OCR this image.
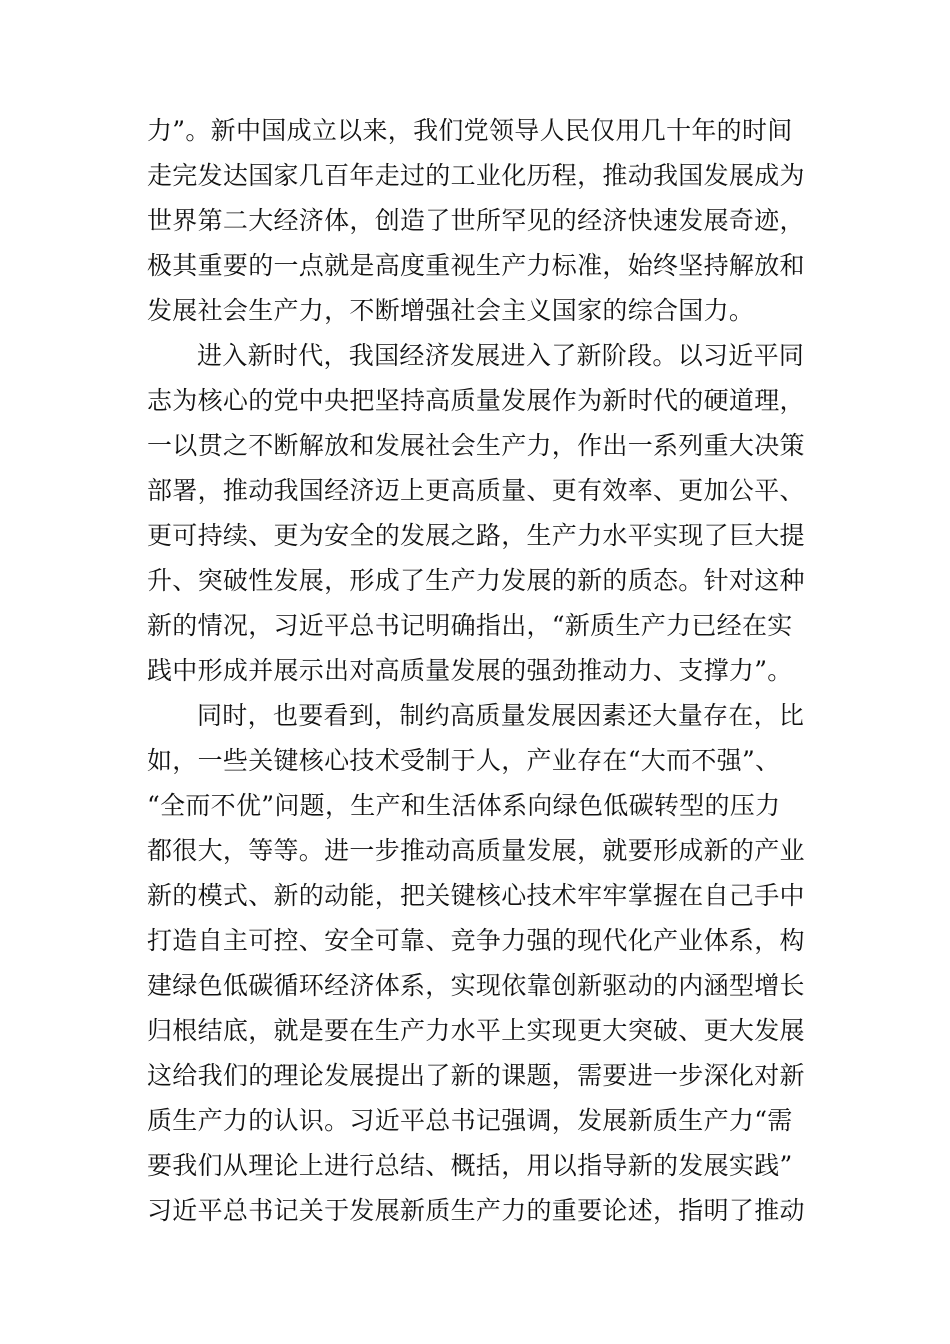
力”。新中国成立以来，我们党领导人民仅用几十年的时间
走完发达国家几百年走过的工业化历程，推动我国发展成为
世界第二大经济体，创造了世所罕见的经济快速发展奇迹，
极其重要的一点就是高度重视生产力标准，始终坚持解放和
发展社会生产力，不断增强社会主义国家的综合国力。
进入新时代，我国经济发展进入了新阶段。以习近平同
志为核心的党中央把坚持高质量发展作为新时代的硬道理，
一以贯之不断解放和发展社会生产力，作出一系列重大决策
部署，推动我国经济迈上更高质量、更有效率、更加公平、
更可持续、更为安全的发展之路，生产力水平实现了巨大提
升、突破性发展，形成了生产力发展的新的质态。针对这种
新的情况，习近平总书记明确指出，“新质生产力已经在实
践中形成并展示出对高质量发展的强劲推动力、支撑力”。
同时，也要看到，制约高质量发展因素还大量存在，比
如，一些关键核心技术受制于人，产业存在“大而不强”、
“全而不优”问题，生产和生活体系向绿色低碳转型的压力
都很大，等等。进一步推动高质量发展，就要形成新的产业
新的模式、新的动能，把关键核心技术牢牢掌握在自己手中
打造自主可控、安全可靠、竞争力强的现代化产业体系，构
建绿色低碳循环经济体系，实现依靠创新驱动的内涵型增长
归根结底，就是要在生产力水平上实现更大突破、更大发展
这给我们的理论发展提出了新的课题，需要进一步深化对新
质生产力的认识。习近平总书记强调，发展新质生产力“需
要我们从理论上进行总结、概括，用以指导新的发展实践”
习近平总书记关于发展新质生产力的重要论述，指明了推动
